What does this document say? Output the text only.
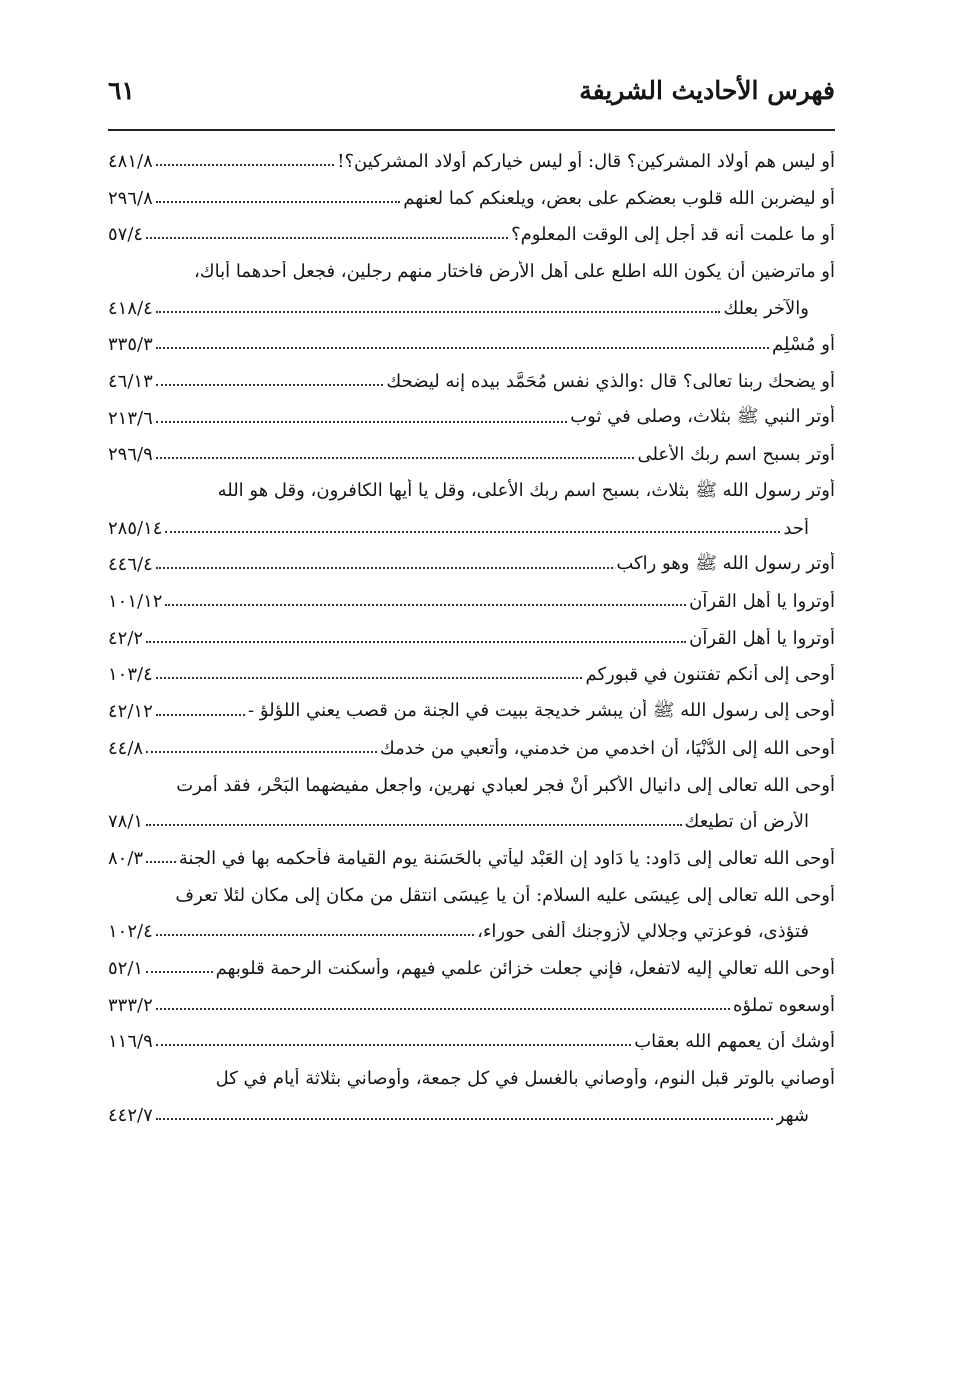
فهرس الأحاديث الشريفة
٦١
أو ليس هم أولاد المشركين؟ قال: أو ليس خياركم أولاد المشركين؟!
٤٨١/٨
أو ليضربن الله قلوب بعضكم على بعض، ويلعنكم كما لعنهم
٢٩٦/٨
أو ما علمت أنه قد أجل إلى الوقت المعلوم؟
٥٧/٤
أو ماترضين أن يكون الله اطلع على أهل الأرض فاختار منهم رجلين، فجعل أحدهما أباك،
والآخر بعلك
٤١٨/٤
أو مُسْلِم
٣٣٥/٣
أو يضحك ربنا تعالى؟ قال :والذي نفس مُحَمَّد بيده إنه ليضحك
٤٦/١٣
أوتر النبي ﷺ بثلاث، وصلى في ثوب
٢١٣/٦
أوتر بسبح اسم ربك الأعلى
٢٩٦/٩
أوتر رسول الله ﷺ بثلاث، بسبح اسم ربك الأعلى، وقل يا أيها الكافرون، وقل هو الله
أحد
٢٨٥/١٤
أوتر رسول الله ﷺ وهو راكب
٤٤٦/٤
أوتروا يا أهل القرآن
١٠١/١٢
أوتروا يا أهل القرآن
٤٢/٢
أوحى إلى أنكم تفتنون في قبوركم
١٠٣/٤
أوحى إلى رسول الله ﷺ أن يبشر خديجة ببيت في الجنة من قصب يعني اللؤلؤ -
٤٢/١٢
أوحى الله إلى الدُّنْيَا، أن اخدمي من خدمني، وأتعبي من خدمك
٤٤/٨
أوحى الله تعالى إلى دانيال الأكبر أنْ فجر لعبادي نهرين، واجعل مفيضهما البَحْر، فقد أمرت
الأرض أن تطيعك
٧٨/١
أوحى الله تعالى إلى دَاود: يا دَاود إن العَبْد ليأتي بالحَسَنة يوم القيامة فأحكمه بها في الجنة
٨٠/٣
أوحى الله تعالى إلى عِيسَى عليه السلام: أن يا عِيسَى انتقل من مكان إلى مكان لئلا تعرف
فتؤذى، فوعزتي وجلالي لأزوجنك ألفى حوراء،
١٠٢/٤
أوحى الله تعالي إليه لاتفعل، فإني جعلت خزائن علمي فيهم، وأسكنت الرحمة قلوبهم
٥٢/١
أوسعوه تملؤه
٣٣٣/٢
أوشك أن يعمهم الله بعقاب
١١٦/٩
أوصاني بالوتر قبل النوم، وأوصاني بالغسل في كل جمعة، وأوصاني بثلاثة أيام في كل
شهر
٤٤٢/٧
